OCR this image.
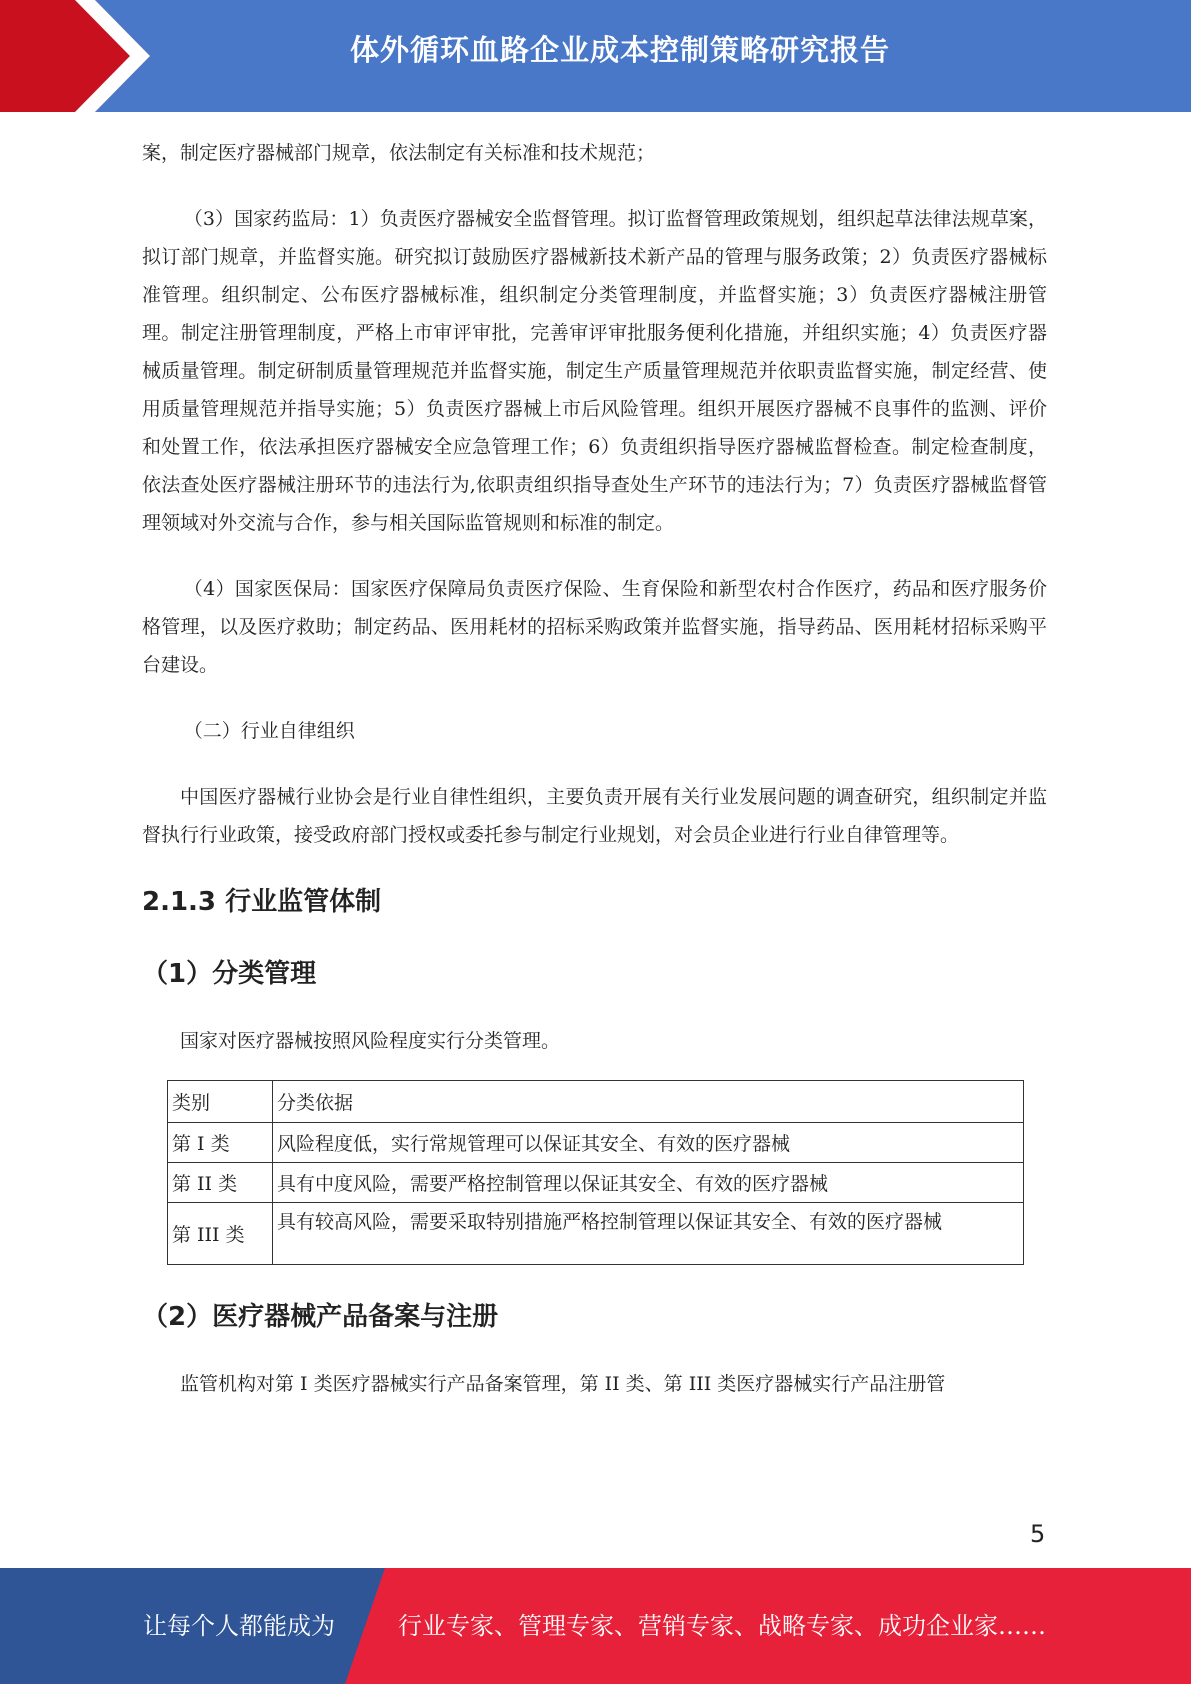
体外循环血路企业成本控制策略研究报告

案，制定医疗器械部门规章，依法制定有关标准和技术规范；

（3）国家药监局：1）负责医疗器械安全监督管理。拟订监督管理政策规划，组织起草法律法规草案，拟订部门规章，并监督实施。研究拟订鼓励医疗器械新技术新产品的管理与服务政策；2）负责医疗器械标准管理。组织制定、公布医疗器械标准，组织制定分类管理制度，并监督实施；3）负责医疗器械注册管理。制定注册管理制度，严格上市审评审批，完善审评审批服务便利化措施，并组织实施；4）负责医疗器械质量管理。制定研制质量管理规范并监督实施，制定生产质量管理规范并依职责监督实施，制定经营、使用质量管理规范并指导实施；5）负责医疗器械上市后风险管理。组织开展医疗器械不良事件的监测、评价和处置工作，依法承担医疗器械安全应急管理工作；6）负责组织指导医疗器械监督检查。制定检查制度，依法查处医疗器械注册环节的违法行为,依职责组织指导查处生产环节的违法行为；7）负责医疗器械监督管理领域对外交流与合作，参与相关国际监管规则和标准的制定。

（4）国家医保局：国家医疗保障局负责医疗保险、生育保险和新型农村合作医疗，药品和医疗服务价格管理，以及医疗救助；制定药品、医用耗材的招标采购政策并监督实施，指导药品、医用耗材招标采购平台建设。

（二）行业自律组织

中国医疗器械行业协会是行业自律性组织，主要负责开展有关行业发展问题的调查研究，组织制定并监督执行行业政策，接受政府部门授权或委托参与制定行业规划，对会员企业进行行业自律管理等。

2.1.3 行业监管体制
（1）分类管理

国家对医疗器械按照风险程度实行分类管理。

类别	分类依据
第 I 类	风险程度低，实行常规管理可以保证其安全、有效的医疗器械
第 II 类	具有中度风险，需要严格控制管理以保证其安全、有效的医疗器械
第 III 类	具有较高风险，需要采取特别措施严格控制管理以保证其安全、有效的医疗器械
（2）医疗器械产品备案与注册

监管机构对第 I 类医疗器械实行产品备案管理，第 II 类、第 III 类医疗器械实行产品注册管

5
让每个人都能成为	行业专家、管理专家、营销专家、战略专家、成功企业家……
